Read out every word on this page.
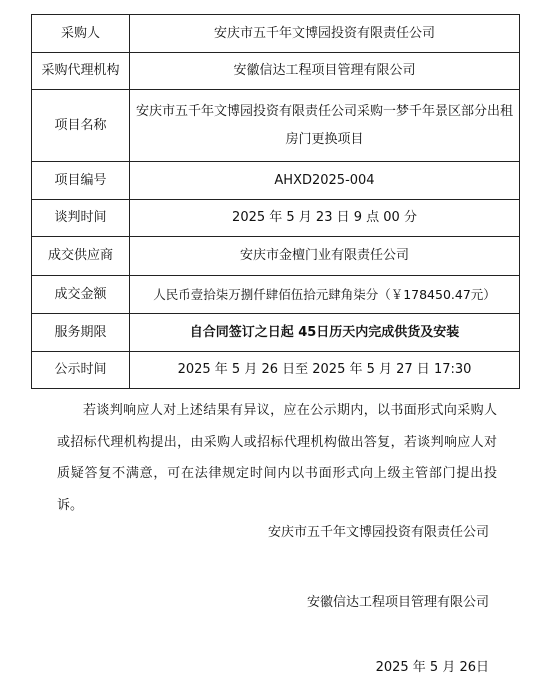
采购人	安庆市五千年文博园投资有限责任公司
采购代理机构	安徽信达工程项目管理有限公司
项目名称	安庆市五千年文博园投资有限责任公司采购一梦千年景区部分出租房门更换项目
项目编号	AHXD2025-004
谈判时间	2025 年 5 月 23 日 9 点 00 分
成交供应商	安庆市金檀门业有限责任公司
成交金额	人民币壹拾柒万捌仟肆佰伍拾元肆角柒分（￥178450.47元）
服务期限	自合同签订之日起 45日历天内完成供货及安装
公示时间	2025 年 5 月 26 日至 2025 年 5 月 27 日 17:30

若谈判响应人对上述结果有异议，应在公示期内，以书面形式向采购人或招标代理机构提出，由采购人或招标代理机构做出答复，若谈判响应人对质疑答复不满意，可在法律规定时间内以书面形式向上级主管部门提出投诉。

安庆市五千年文博园投资有限责任公司

安徽信达工程项目管理有限公司

2025 年 5 月 26日
